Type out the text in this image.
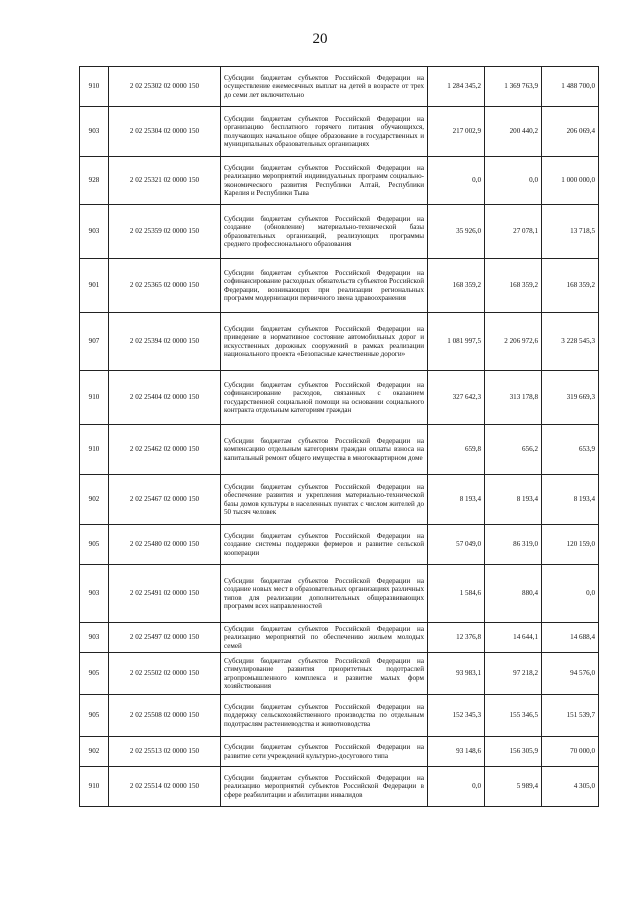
20
910	2 02 25302 02 0000 150	Субсидии бюджетам субъектов Российской Федерации на осуществление ежемесячных выплат на детей в возрасте от трех до семи лет включительно	1 284 345,2	1 369 763,9	1 488 700,0
903	2 02 25304 02 0000 150	Субсидии бюджетам субъектов Российской Федерации на организацию бесплатного горячего питания обучающихся, получающих начальное общее образование в государственных и муниципальных образовательных организациях	217 002,9	200 440,2	206 069,4
928	2 02 25321 02 0000 150	Субсидии бюджетам субъектов Российской Федерации на реализацию мероприятий индивидуальных программ социально-экономического развития Республики Алтай, Республики Карелия и Республики Тыва	0,0	0,0	1 000 000,0
903	2 02 25359 02 0000 150	Субсидии бюджетам субъектов Российской Федерации на создание (обновление) материально-технической базы образовательных организаций, реализующих программы среднего профессионального образования	35 926,0	27 078,1	13 718,5
901	2 02 25365 02 0000 150	Субсидии бюджетам субъектов Российской Федерации на софинансирование расходных обязательств субъектов Российской Федерации, возникающих при реализации региональных программ модернизации первичного звена здравоохранения	168 359,2	168 359,2	168 359,2
907	2 02 25394 02 0000 150	Субсидии бюджетам субъектов Российской Федерации на приведение в нормативное состояние автомобильных дорог и искусственных дорожных сооружений в рамках реализации национального проекта «Безопасные качественные дороги»	1 081 997,5	2 206 972,6	3 228 545,3
910	2 02 25404 02 0000 150	Субсидии бюджетам субъектов Российской Федерации на софинансирование расходов, связанных с оказанием государственной социальной помощи на основании социального контракта отдельным категориям граждан	327 642,3	313 178,8	319 669,3
910	2 02 25462 02 0000 150	Субсидии бюджетам субъектов Российской Федерации на компенсацию отдельным категориям граждан оплаты взноса на капитальный ремонт общего имущества в многоквартирном доме	659,8	656,2	653,9
902	2 02 25467 02 0000 150	Субсидии бюджетам субъектов Российской Федерации на обеспечение развития и укрепления материально-технической базы домов культуры в населенных пунктах с числом жителей до 50 тысяч человек	8 193,4	8 193,4	8 193,4
905	2 02 25480 02 0000 150	Субсидии бюджетам субъектов Российской Федерации на создание системы поддержки фермеров и развитие сельской кооперации	57 049,0	86 319,0	120 159,0
903	2 02 25491 02 0000 150	Субсидии бюджетам субъектов Российской Федерации на создание новых мест в образовательных организациях различных типов для реализации дополнительных общеразвивающих программ всех направленностей	1 584,6	880,4	0,0
903	2 02 25497 02 0000 150	Субсидии бюджетам субъектов Российской Федерации на реализацию мероприятий по обеспечению жильем молодых семей	12 376,8	14 644,1	14 688,4
905	2 02 25502 02 0000 150	Субсидии бюджетам субъектов Российской Федерации на стимулирование развития приоритетных подотраслей агропромышленного комплекса и развитие малых форм хозяйствования	93 983,1	97 218,2	94 576,0
905	2 02 25508 02 0000 150	Субсидии бюджетам субъектов Российской Федерации на поддержку сельскохозяйственного производства по отдельным подотраслям растениеводства и животноводства	152 345,3	155 346,5	151 539,7
902	2 02 25513 02 0000 150	Субсидии бюджетам субъектов Российской Федерации на развитие сети учреждений культурно-досугового типа	93 148,6	156 305,9	70 000,0
910	2 02 25514 02 0000 150	Субсидии бюджетам субъектов Российской Федерации на реализацию мероприятий субъектов Российской Федерации в сфере реабилитации и абилитации инвалидов	0,0	5 989,4	4 305,0
